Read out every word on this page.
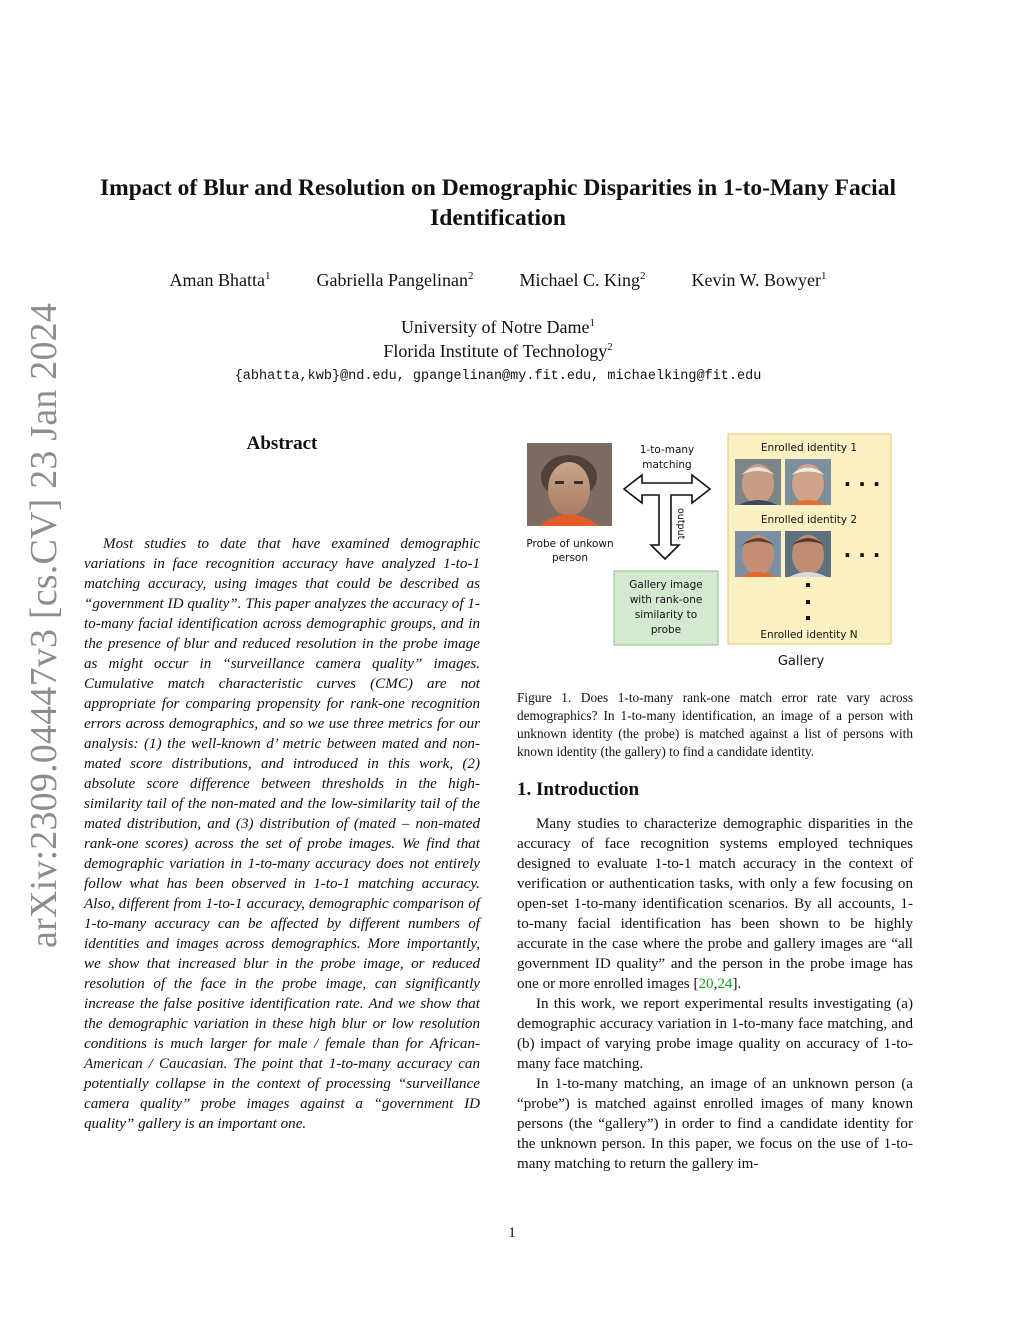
arXiv:2309.04447v3 [cs.CV] 23 Jan 2024
Impact of Blur and Resolution on Demographic Disparities in 1-to-Many Facial
Identification
Aman Bhatta$^1$	Gabriella Pangelinan$^2$	Michael C. King$^2$	Kevin W. Bowyer$^1$
University of Notre Dame$^1$
Florida Institute of Technology$^2$
{abhatta,kwb}@nd.edu, gpangelinan@my.fit.edu, michaelking@fit.edu
Abstract

Most studies to date that have examined demographic variations in face recognition accuracy have analyzed 1-to-1 matching accuracy, using images that could be described as “government ID quality”. This paper analyzes the accuracy of 1-to-many facial identification across demographic groups, and in the presence of blur and reduced resolution in the probe image as might occur in “surveillance camera quality” images. Cumulative match characteristic curves (CMC) are not appropriate for comparing propensity for rank-one recognition errors across demographics, and so we use three metrics for our analysis: (1) the well-known d’ metric between mated and non-mated score distributions, and introduced in this work, (2) absolute score difference between thresholds in the high-similarity tail of the non-mated and the low-similarity tail of the mated distribution, and (3) distribution of (mated – non-mated rank-one scores) across the set of probe images. We find that demographic variation in 1-to-many accuracy does not entirely follow what has been observed in 1-to-1 matching accuracy. Also, different from 1-to-1 accuracy, demographic comparison of 1-to-many accuracy can be affected by different numbers of identities and images across demographics. More importantly, we show that increased blur in the probe image, or reduced resolution of the face in the probe image, can significantly increase the false positive identification rate. And we show that the demographic variation in these high blur or low resolution conditions is much larger for male / female than for African-American / Caucasian. The point that 1-to-many accuracy can potentially collapse in the context of processing “surveillance camera quality” probe images against a “government ID quality” gallery is an important one.

Probe of unkown
person
1-to-many
matching
output
Gallery image
with rank-one
similarity to
probe
Enrolled identity 1
. . .
Enrolled identity 2
. . .
Enrolled identity N
Gallery

Figure 1. Does 1-to-many rank-one match error rate vary across demographics? In 1-to-many identification, an image of a person with unknown identity (the probe) is matched against a list of persons with known identity (the gallery) to find a candidate identity.

1. Introduction

Many studies to characterize demographic disparities in the accuracy of face recognition systems employed techniques designed to evaluate 1-to-1 match accuracy in the context of verification or authentication tasks, with only a few focusing on open-set 1-to-many identification scenarios. By all accounts, 1-to-many facial identification has been shown to be highly accurate in the case where the probe and gallery images are “all government ID quality” and the person in the probe image has one or more enrolled images [20,24].

In this work, we report experimental results investigating (a) demographic accuracy variation in 1-to-many face matching, and (b) impact of varying probe image quality on accuracy of 1-to-many face matching.

In 1-to-many matching, an image of an unknown person (a “probe”) is matched against enrolled images of many known persons (the “gallery”) in order to find a candidate identity for the unknown person. In this paper, we focus on the use of 1-to-many matching to return the gallery im-

1
